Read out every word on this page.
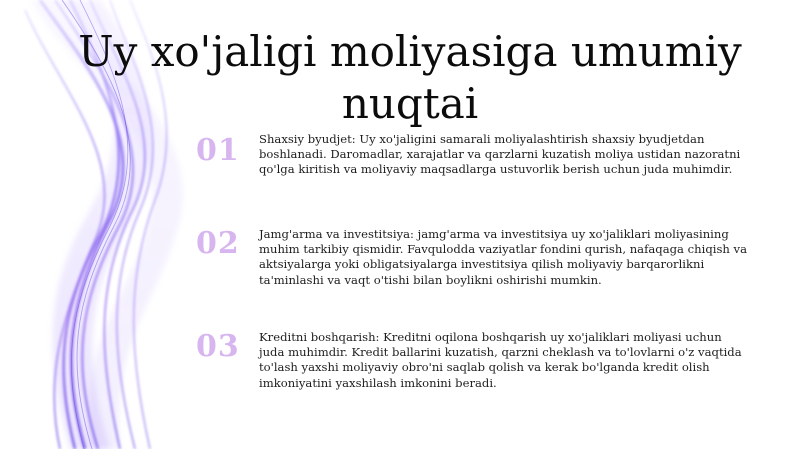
Uy xo'jaligi moliyasiga umumiy nuqtai
01	Shaxsiy byudjet: Uy xo'jaligini samarali moliyalashtirish shaxsiy byudjetdan boshlanadi. Daromadlar, xarajatlar va qarzlarni kuzatish moliya ustidan nazoratni qo'lga kiritish va moliyaviy maqsadlarga ustuvorlik berish uchun juda muhimdir.

02	Jamg'arma va investitsiya: jamg'arma va investitsiya uy xo'jaliklari moliyasining muhim tarkibiy qismidir. Favqulodda vaziyatlar fondini qurish, nafaqaga chiqish va aktsiyalarga yoki obligatsiyalarga investitsiya qilish moliyaviy barqarorlikni ta'minlashi va vaqt o'tishi bilan boylikni oshirishi mumkin.

03	Kreditni boshqarish: Kreditni oqilona boshqarish uy xo'jaliklari moliyasi uchun juda muhimdir. Kredit ballarini kuzatish, qarzni cheklash va to'lovlarni o'z vaqtida to'lash yaxshi moliyaviy obro'ni saqlab qolish va kerak bo'lganda kredit olish imkoniyatini yaxshilash imkonini beradi.
